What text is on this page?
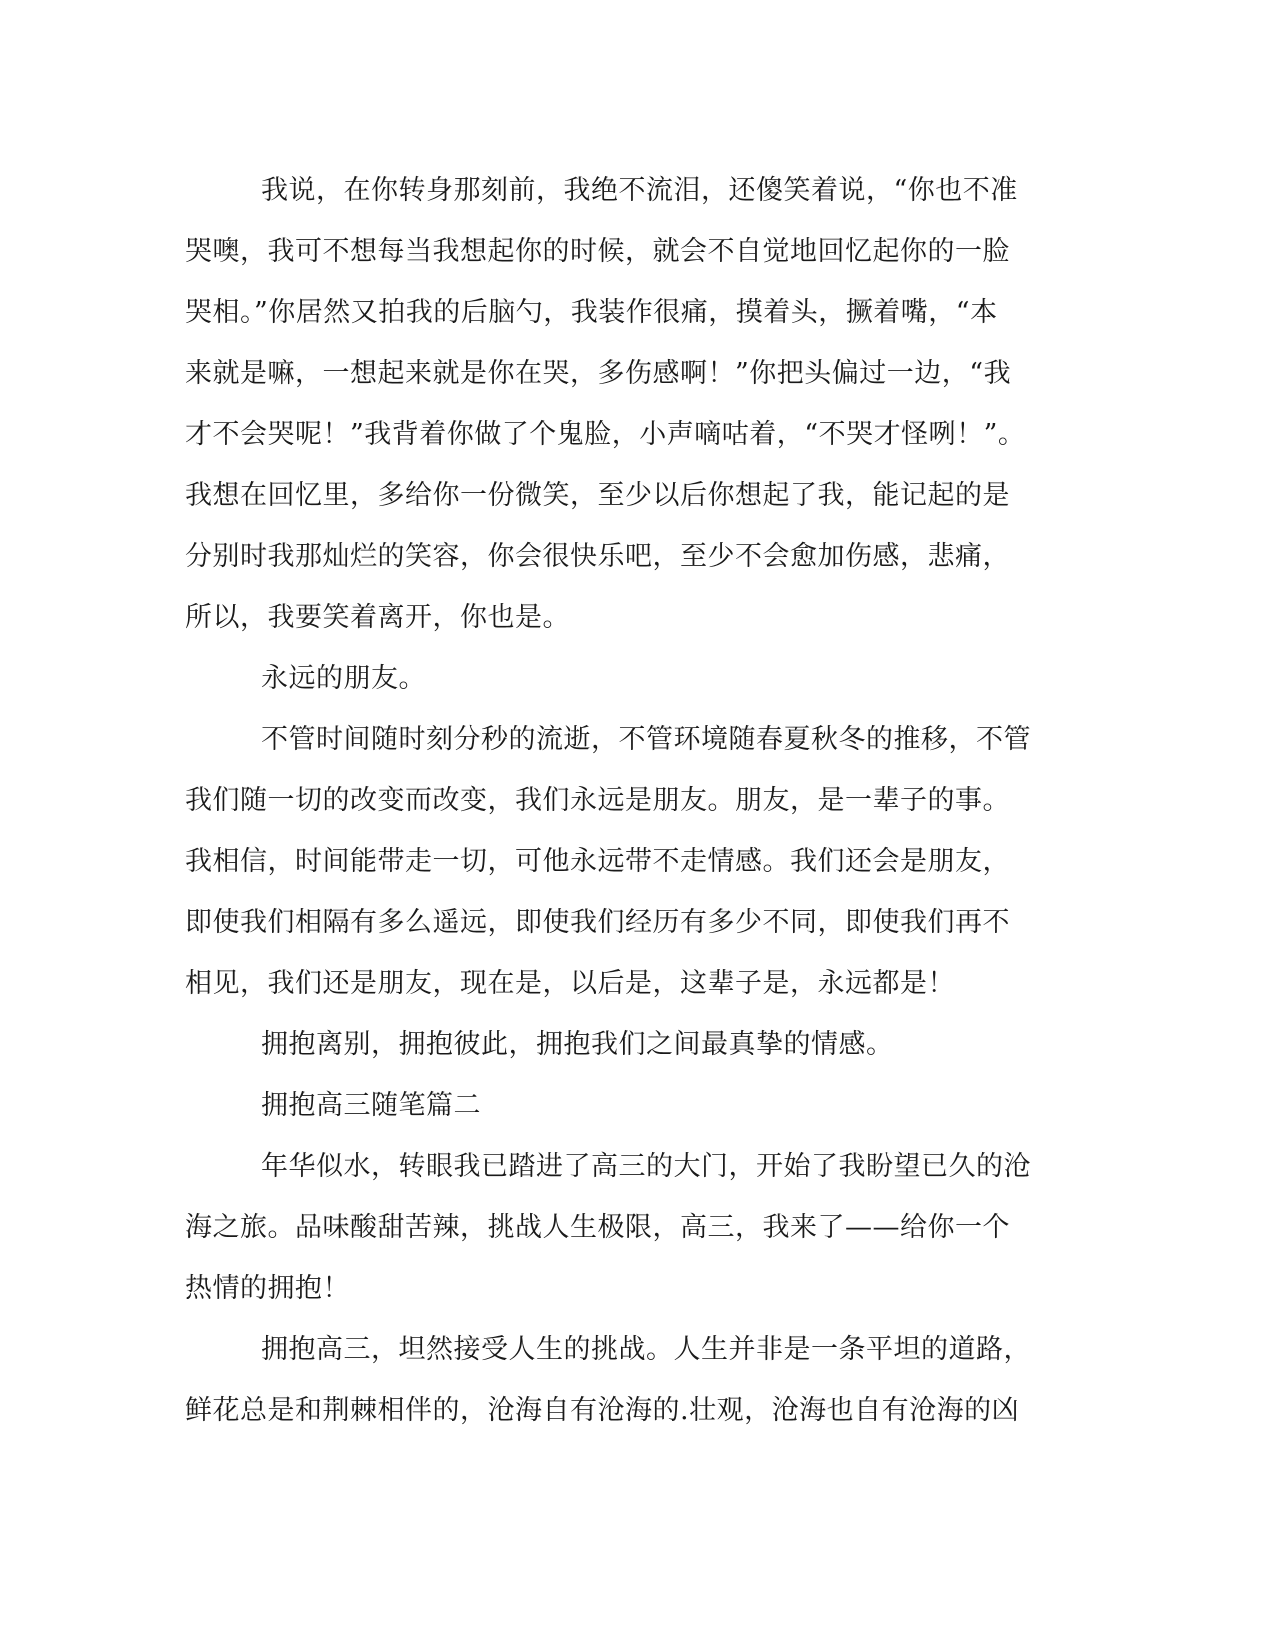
我说，在你转身那刻前，我绝不流泪，还傻笑着说，“你也不准
哭噢，我可不想每当我想起你的时候，就会不自觉地回忆起你的一脸
哭相。”你居然又拍我的后脑勺，我装作很痛，摸着头，撅着嘴，“本
来就是嘛，一想起来就是你在哭，多伤感啊！”你把头偏过一边，“我
才不会哭呢！”我背着你做了个鬼脸，小声嘀咕着，“不哭才怪咧！”。
我想在回忆里，多给你一份微笑，至少以后你想起了我，能记起的是
分别时我那灿烂的笑容，你会很快乐吧，至少不会愈加伤感，悲痛，
所以，我要笑着离开，你也是。

永远的朋友。

不管时间随时刻分秒的流逝，不管环境随春夏秋冬的推移，不管
我们随一切的改变而改变，我们永远是朋友。朋友，是一辈子的事。
我相信，时间能带走一切，可他永远带不走情感。我们还会是朋友，
即使我们相隔有多么遥远，即使我们经历有多少不同，即使我们再不
相见，我们还是朋友，现在是，以后是，这辈子是，永远都是！

拥抱离别，拥抱彼此，拥抱我们之间最真挚的情感。

拥抱高三随笔篇二

年华似水，转眼我已踏进了高三的大门，开始了我盼望已久的沧
海之旅。品味酸甜苦辣，挑战人生极限，高三，我来了——给你一个
热情的拥抱！

拥抱高三，坦然接受人生的挑战。人生并非是一条平坦的道路，
鲜花总是和荆棘相伴的，沧海自有沧海的.壮观，沧海也自有沧海的凶
